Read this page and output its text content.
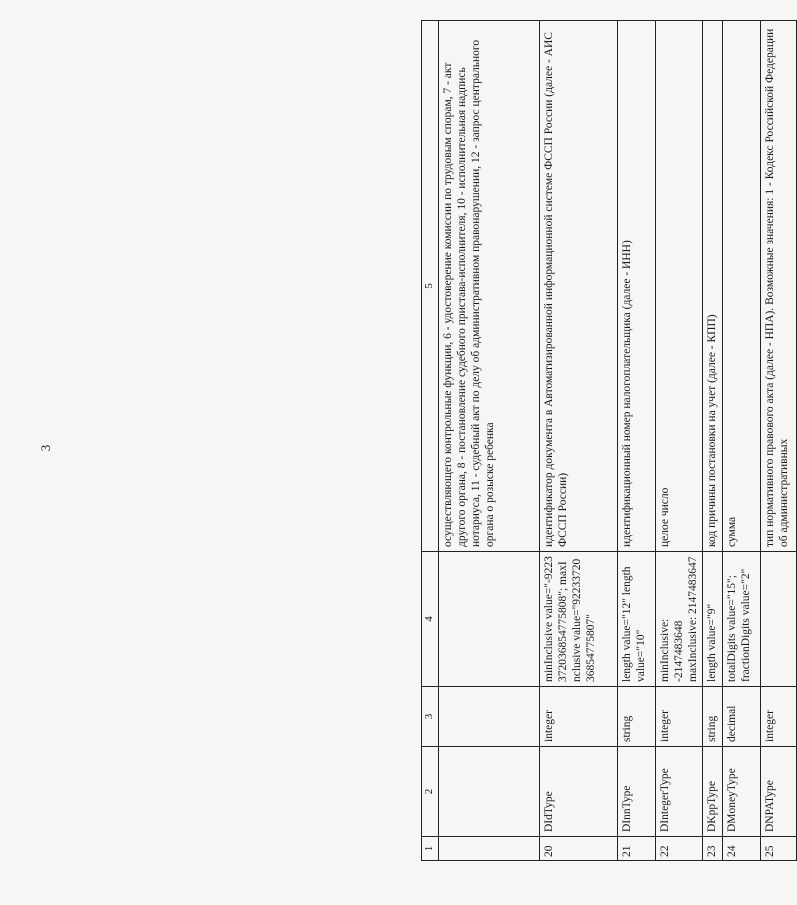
3
1	2	3	4	5
				осуществляющего контрольные функции, 6 - удостоверение комиссии по трудовым спорам, 7 - акт другого органа, 8 - постановление судебного пристава-исполнителя, 10 - исполнительная надпись нотариуса, 11 - судебный акт по делу об административном правонарушении, 12 - запрос центрального органа о розыске ребенка
20	DIdType	integer	minInclusive value="-9223372036854775808"; maxInclusive value="9223372036854775807"	идентификатор документа в Автоматизированной информационной системе ФССП России (далее - АИС ФССП России)
21	DInnType	string	length value="12" length value="10"	идентификационный номер налогоплательщика (далее - ИНН)
22	DIntegerType	integer	minInclusive: -2147483648 maxInclusive: 2147483647	целое число
23	DKppType	string	length value="9"	код причины постановки на учет (далее - КПП)
24	DMoneyType	decimal	totalDigits value="15"; fractionDigits value="2"	сумма
25	DNPAType	integer		тип нормативного правового акта (далее - НПА). Возможные значения: 1 - Кодекс Российской Федерации об административных
